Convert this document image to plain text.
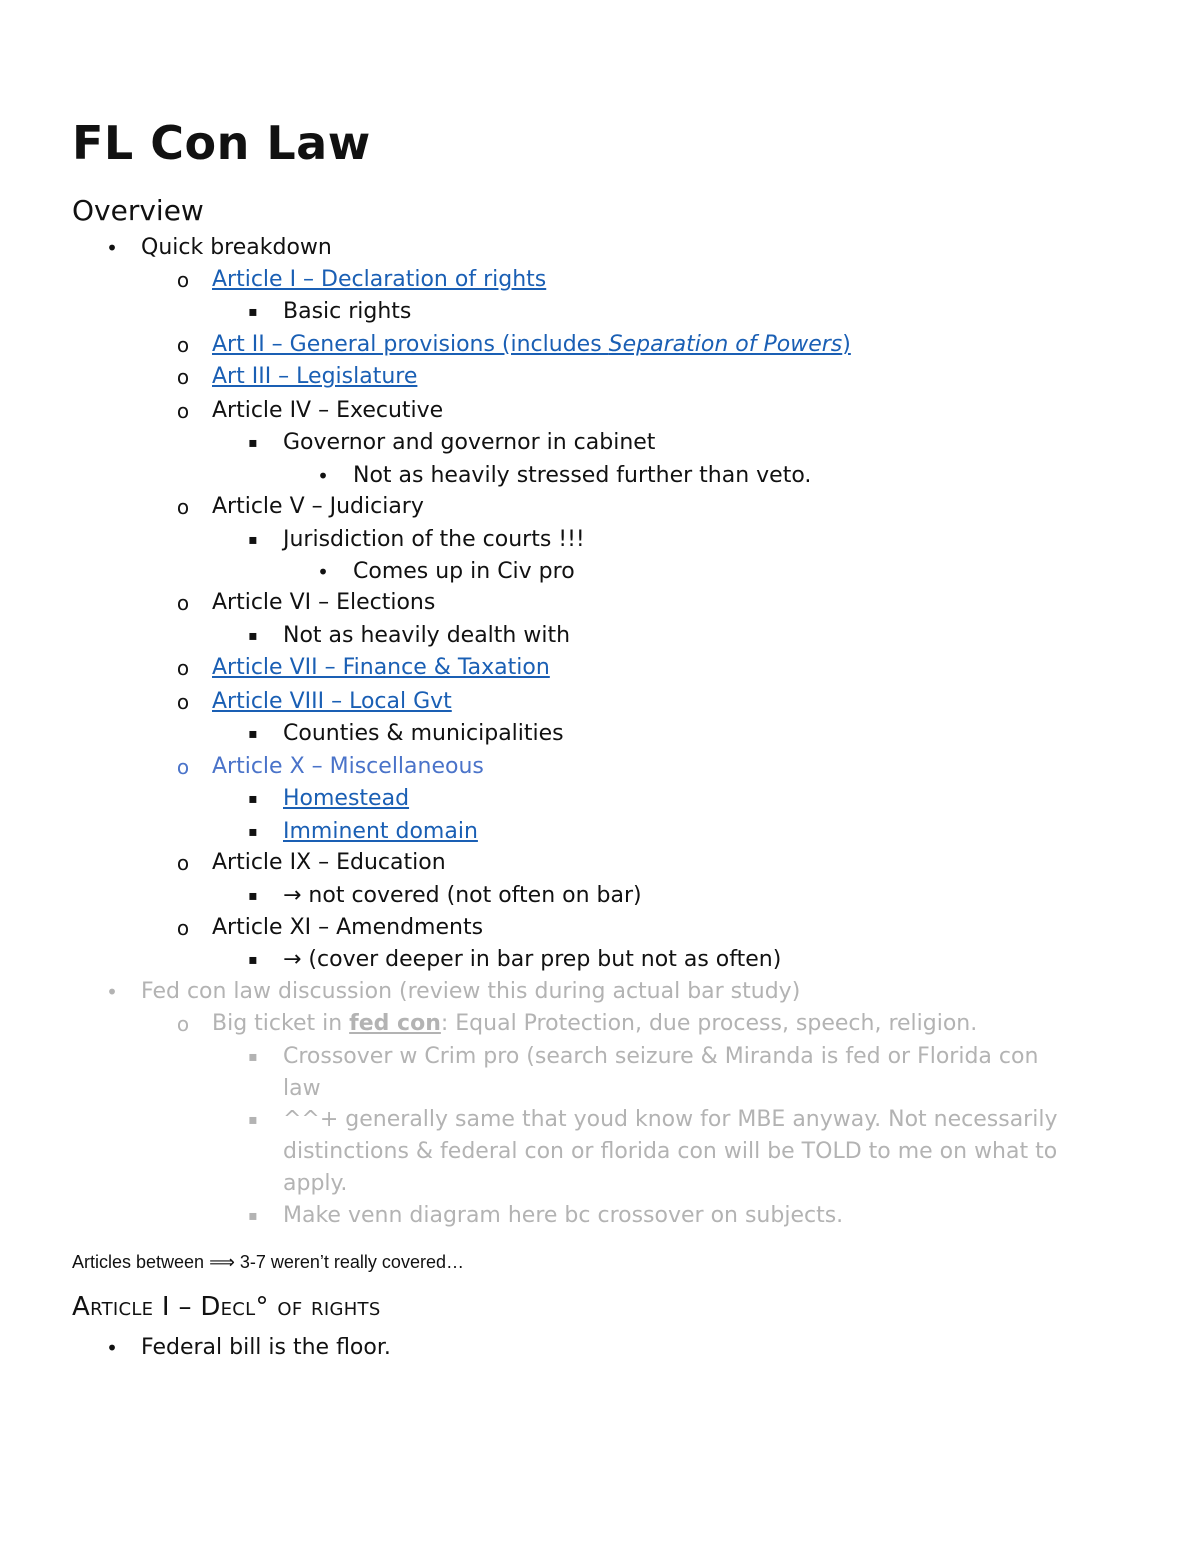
FL Con Law
Overview
• Quick breakdown
o Article I – Declaration of rights
▪ Basic rights
o Art II – General provisions (includes Separation of Powers)
o Art III – Legislature
o Article IV – Executive
▪ Governor and governor in cabinet
• Not as heavily stressed further than veto.
o Article V – Judiciary
▪ Jurisdiction of the courts !!!
• Comes up in Civ pro
o Article VI – Elections
▪ Not as heavily dealth with
o Article VII – Finance & Taxation
o Article VIII – Local Gvt
▪ Counties & municipalities
o Article X – Miscellaneous
▪ Homestead
▪ Imminent domain
o Article IX – Education
▪ → not covered (not often on bar)
o Article XI – Amendments
▪ → (cover deeper in bar prep but not as often)
• Fed con law discussion (review this during actual bar study)
o Big ticket in fed con: Equal Protection, due process, speech, religion.
▪ Crossover w Crim pro (search seizure & Miranda is fed or Florida con
law
▪ ^^+ generally same that youd know for MBE anyway. Not necessarily
distinctions & federal con or florida con will be TOLD to me on what to
apply.
▪ Make venn diagram here bc crossover on subjects.
Articles between ⟹ 3-7 weren’t really covered…
Article I – Decl° of rights
• Federal bill is the floor.
